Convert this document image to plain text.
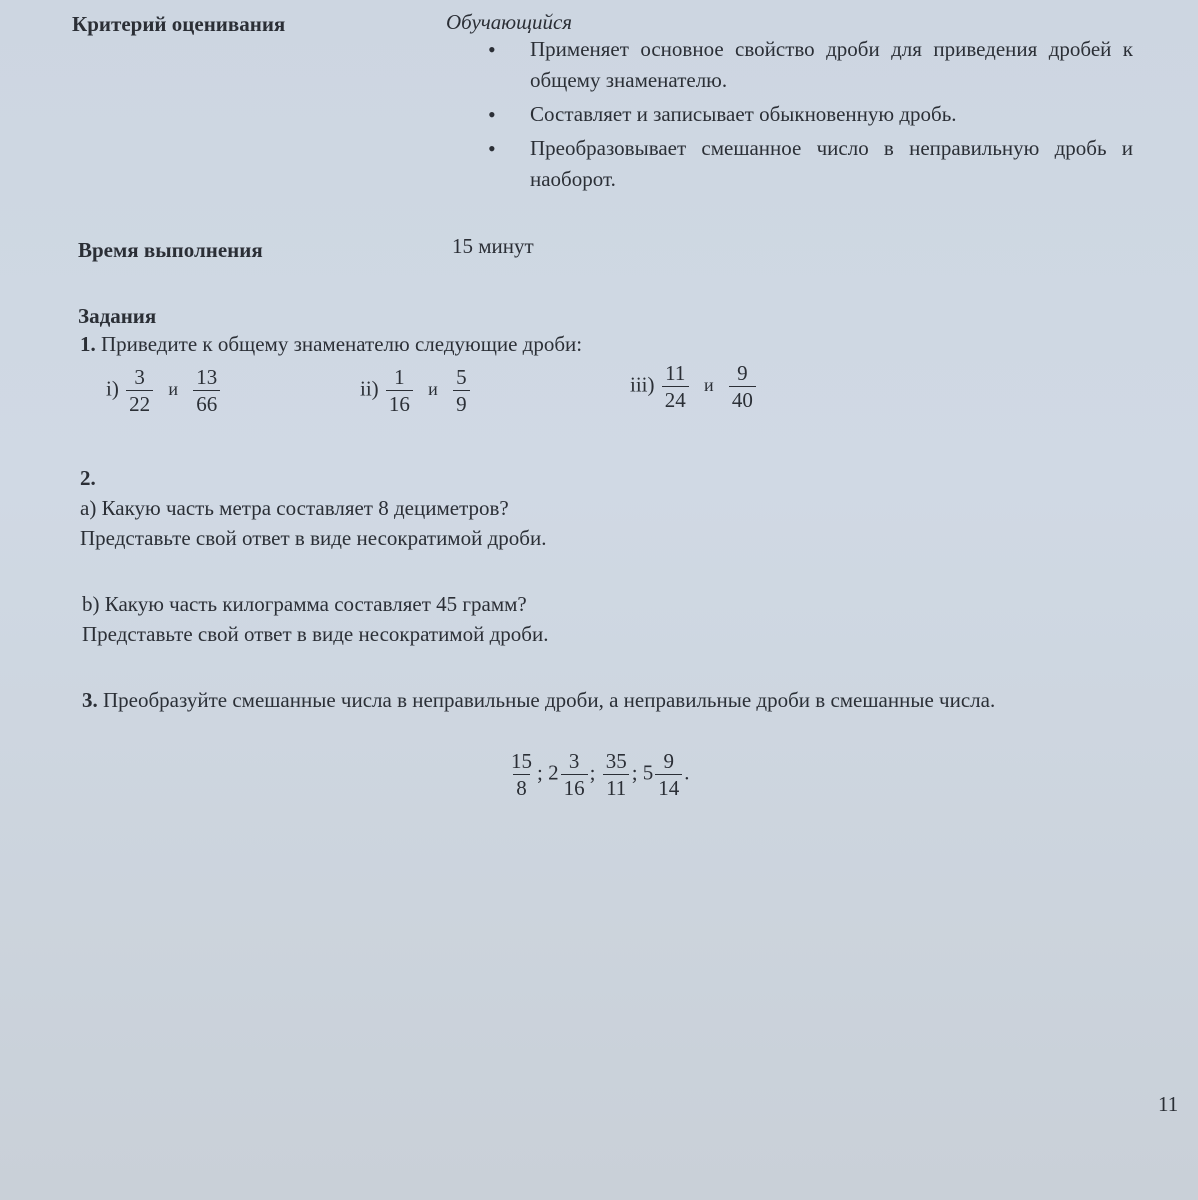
Критерий оценивания	Обучающийся
• Применяет основное свойство дроби для приведения дробей к общему знаменателю.
• Составляет и записывает обыкновенную дробь.
• Преобразовывает смешанное число в неправильную дробь и наоборот.
Время выполнения	15 минут
Задания
1. Приведите к общему знаменателю следующие дроби:
$i) \frac{3}{22}$ и $\frac{13}{66}$	$ii) \frac{1}{16}$ и $\frac{5}{9}$	$iii) \frac{11}{24}$ и $\frac{9}{40}$
2.
а) Какую часть метра составляет 8 дециметров?
Представьте свой ответ в виде несократимой дроби.
b) Какую часть килограмма составляет 45 грамм?
Представьте свой ответ в виде несократимой дроби.
3. Преобразуйте смешанные числа в неправильные дроби, а неправильные дроби в смешанные числа.
$\frac{15}{8}$ ; $2 \frac{3}{16}$ ; $\frac{35}{11}$ ; $5 \frac{9}{14}$ .
11
